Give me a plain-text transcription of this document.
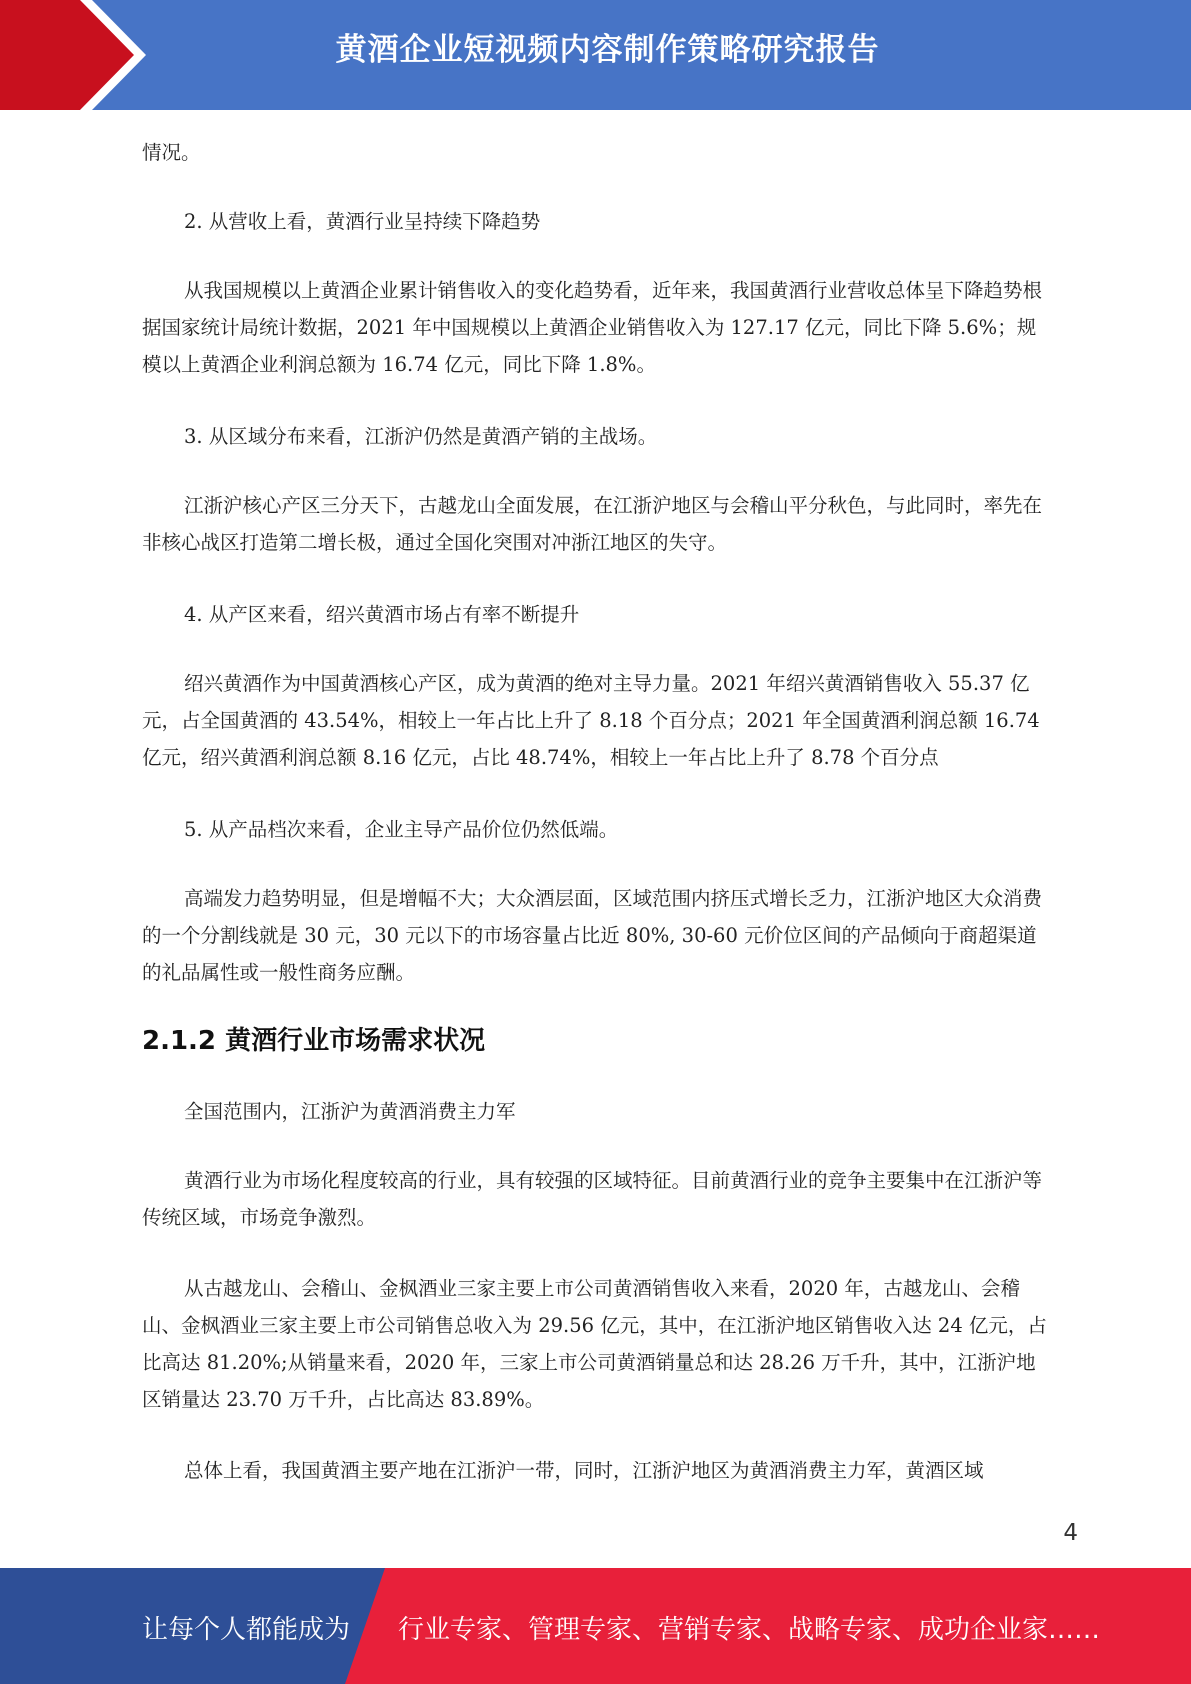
黄酒企业短视频内容制作策略研究报告

情况。

2. 从营收上看，黄酒行业呈持续下降趋势

从我国规模以上黄酒企业累计销售收入的变化趋势看，近年来，我国黄酒行业营收总体呈下降趋势根据国家统计局统计数据，2021 年中国规模以上黄酒企业销售收入为 127.17 亿元，同比下降 5.6%；规模以上黄酒企业利润总额为 16.74 亿元，同比下降 1.8%。

3. 从区域分布来看，江浙沪仍然是黄酒产销的主战场。

江浙沪核心产区三分天下，古越龙山全面发展，在江浙沪地区与会稽山平分秋色，与此同时，率先在非核心战区打造第二增长极，通过全国化突围对冲浙江地区的失守。

4. 从产区来看，绍兴黄酒市场占有率不断提升

绍兴黄酒作为中国黄酒核心产区，成为黄酒的绝对主导力量。2021 年绍兴黄酒销售收入 55.37 亿元，占全国黄酒的 43.54%，相较上一年占比上升了 8.18 个百分点；2021 年全国黄酒利润总额 16.74 亿元，绍兴黄酒利润总额 8.16 亿元，占比 48.74%，相较上一年占比上升了 8.78 个百分点

5. 从产品档次来看，企业主导产品价位仍然低端。

高端发力趋势明显，但是增幅不大；大众酒层面，区域范围内挤压式增长乏力，江浙沪地区大众消费的一个分割线就是 30 元，30 元以下的市场容量占比近 80%, 30-60 元价位区间的产品倾向于商超渠道的礼品属性或一般性商务应酬。

2.1.2 黄酒行业市场需求状况

全国范围内，江浙沪为黄酒消费主力军

黄酒行业为市场化程度较高的行业，具有较强的区域特征。目前黄酒行业的竞争主要集中在江浙沪等传统区域，市场竞争激烈。

从古越龙山、会稽山、金枫酒业三家主要上市公司黄酒销售收入来看，2020 年，古越龙山、会稽山、金枫酒业三家主要上市公司销售总收入为 29.56 亿元，其中，在江浙沪地区销售收入达 24 亿元，占比高达 81.20%;从销量来看，2020 年，三家上市公司黄酒销量总和达 28.26 万千升，其中，江浙沪地区销量达 23.70 万千升，占比高达 83.89%。

总体上看，我国黄酒主要产地在江浙沪一带，同时，江浙沪地区为黄酒消费主力军，黄酒区域

4
让每个人都能成为 行业专家、管理专家、营销专家、战略专家、成功企业家……
